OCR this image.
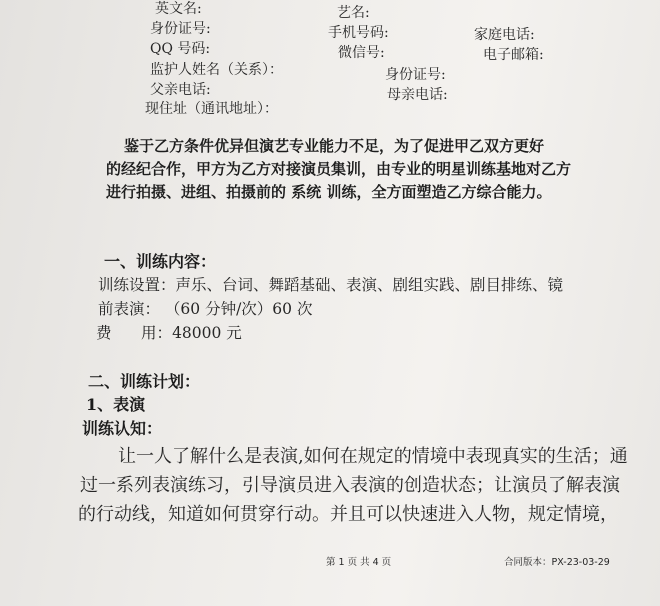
英文名:	艺名:
身份证号:	手机号码:	家庭电话:
QQ 号码:	微信号:	电子邮箱:
监护人姓名（关系）：	身份证号:
父亲电话:	母亲电话:
现住址（通讯地址）：
鉴于乙方条件优异但演艺专业能力不足，为了促进甲乙双方更好
的经纪合作，甲方为乙方对接演员集训，由专业的明星训练基地对乙方
进行拍摄、进组、拍摄前的 系统 训练，全方面塑造乙方综合能力。
一、训练内容：
训练设置：声乐、台词、舞蹈基础、表演、剧组实践、剧目排练、镜
前表演： （60 分钟/次）60 次
费      用：48000 元
二、训练计划：
1、表演
训练认知：
让一人了解什么是表演,如何在规定的情境中表现真实的生活；通
过一系列表演练习，引导演员进入表演的创造状态；让演员了解表演
的行动线，知道如何贯穿行动。并且可以快速进入人物，规定情境，
第 1 页 共 4 页	合同版本：PX-23-03-29
